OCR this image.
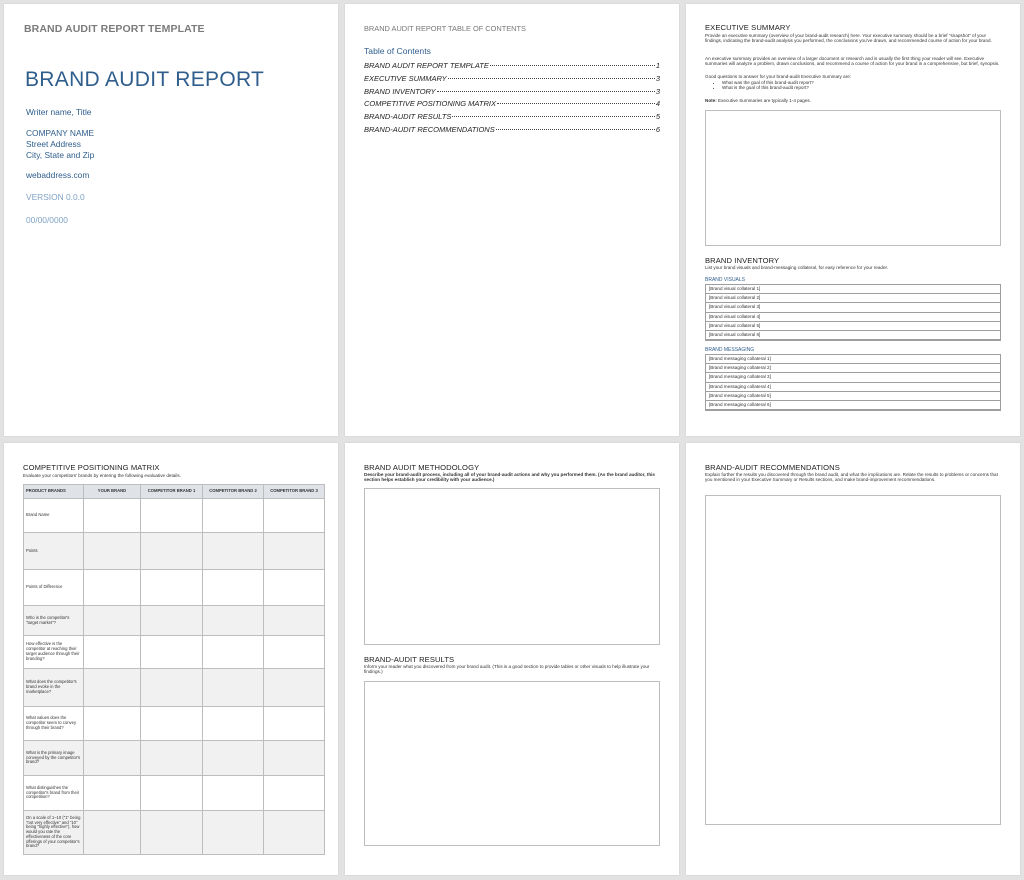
BRAND AUDIT REPORT TEMPLATE
BRAND AUDIT REPORT
Writer name, Title
COMPANY NAME
Street Address
City, State and Zip
webaddress.com
VERSION 0.0.0
00/00/0000
BRAND AUDIT REPORT TABLE OF CONTENTS
Table of Contents
BRAND AUDIT REPORT TEMPLATE	1
EXECUTIVE SUMMARY	3
BRAND INVENTORY	3
COMPETITIVE POSITIONING MATRIX	4
BRAND-AUDIT RESULTS	5
BRAND-AUDIT RECOMMENDATIONS	6
EXECUTIVE SUMMARY
Provide an executive summary (overview of your brand-audit research) here. Your executive summary should be a brief "snapshot" of your findings, indicating the brand-audit analysis you performed, the conclusions you've drawn, and recommended course of action for your brand.
An executive summary provides an overview of a larger document or research and is usually the first thing your reader will see. Executive summaries will analyze a problem, drawn conclusions, and recommend a course of action for your brand in a comprehensive, but brief, synopsis.
Good questions to answer for your brand-audit Executive Summary are:
• What was the goal of this brand-audit report?
• What is the goal of this brand-audit report?
Note: Executive Summaries are typically 1-4 pages.
BRAND INVENTORY
List your brand visuals and brand-messaging collateral, for easy reference for your reader.
BRAND VISUALS
[Brand visual collateral 1]
[Brand visual collateral 2]
[Brand visual collateral 3]
[Brand visual collateral 4]
[Brand visual collateral 5]
[Brand visual collateral 6]
BRAND MESSAGING
[Brand messaging collateral 1]
[Brand messaging collateral 2]
[Brand messaging collateral 3]
[Brand messaging collateral 4]
[Brand messaging collateral 5]
[Brand messaging collateral 6]
COMPETITIVE POSITIONING MATRIX
Evaluate your competitors' brands by entering the following evaluative details.
PRODUCT BRANDS	YOUR BRAND	COMPETITOR BRAND 1	COMPETITOR BRAND 2	COMPETITOR BRAND 3
Brand Name				
Points				
Points of Difference				
Who is the competitor's "target market"?				
How effective is the competitor at reaching their target audience through their branding?				
What does the competitor's brand evoke in the marketplace?				
What values does the competitor seem to convey through their brand?				
What is the primary image conveyed by the competitor's brand?				
What distinguishes the competitor's brand from their competition?				
On a scale of 1–10 ("1" being "not very effective" and "10" being "highly effective"), how would you rate the effectiveness of the core offerings of your competitor's brand?				
BRAND AUDIT METHODOLOGY
Describe your brand-audit process, including all of your brand-audit actions and why you performed them. (As the brand auditor, this section helps establish your credibility with your audience.)
BRAND-AUDIT RESULTS
Inform your reader what you discovered from your brand audit. (This is a good section to provide tables or other visuals to help illustrate your findings.)
BRAND-AUDIT RECOMMENDATIONS
Explain further the results you discovered through the brand audit, and what the implications are. Relate the results to problems or concerns that you mentioned in your Executive Summary or Results sections, and make brand-improvement recommendations.
